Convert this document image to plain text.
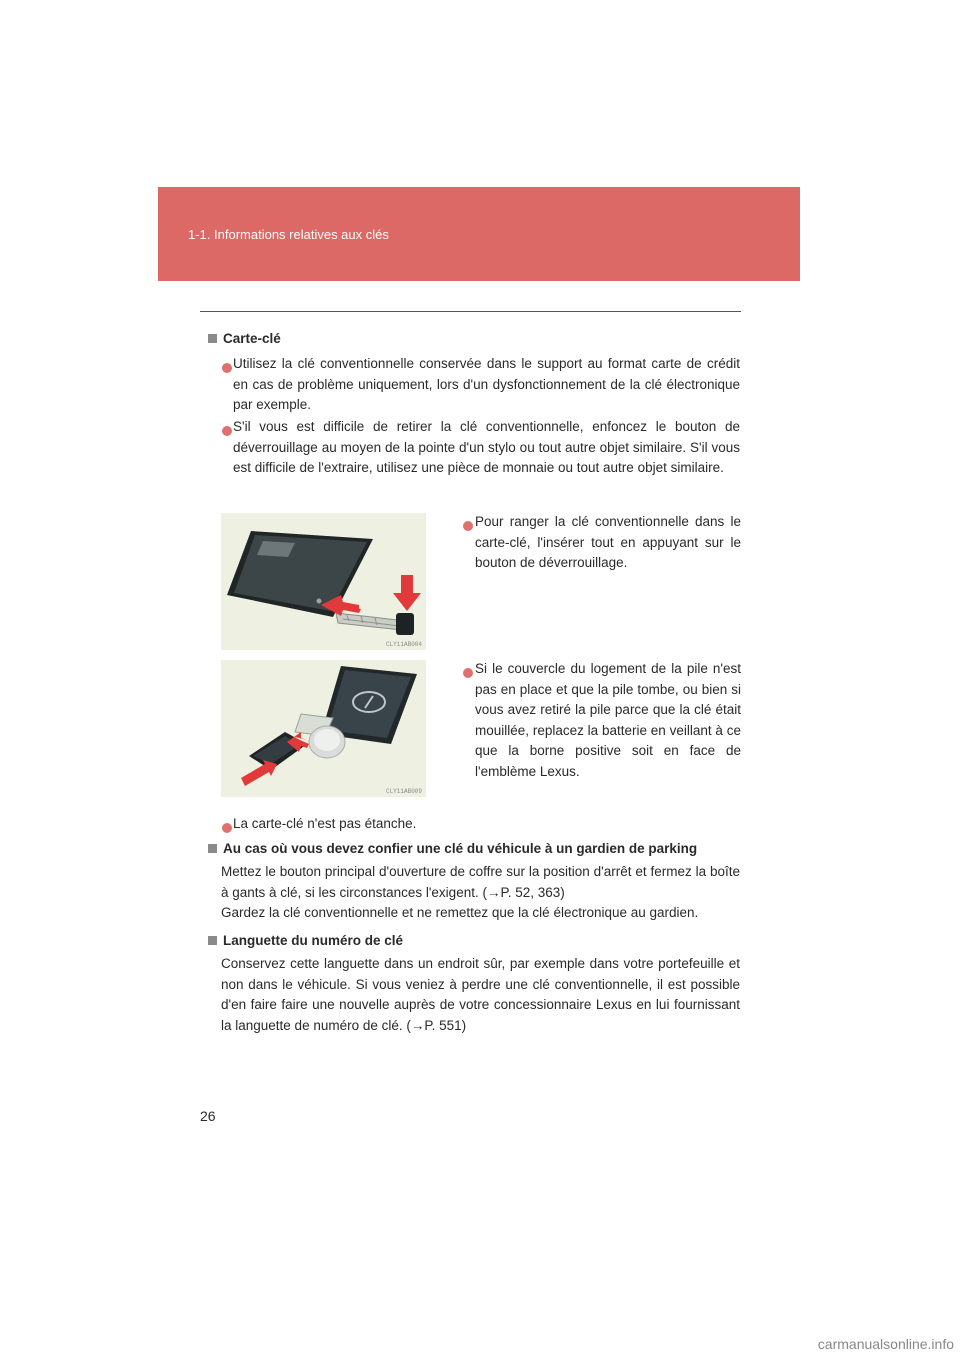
1-1. Informations relatives aux clés
Carte-clé
Utilisez la clé conventionnelle conservée dans le support au format carte de crédit en cas de problème uniquement, lors d'un dysfonctionnement de la clé électronique par exemple.
S'il vous est difficile de retirer la clé conventionnelle, enfoncez le bouton de déverrouillage au moyen de la pointe d'un stylo ou tout autre objet similaire. S'il vous est difficile de l'extraire, utilisez une pièce de monnaie ou tout autre objet similaire.
CLY11AB004
Pour ranger la clé conventionnelle dans le carte-clé, l'insérer tout en appuyant sur le bouton de déverrouillage.
CLY11AB009
Si le couvercle du logement de la pile n'est pas en place et que la pile tombe, ou bien si vous avez retiré la pile parce que la clé était mouillée, replacez la batterie en veillant à ce que la borne positive soit en face de l'emblème Lexus.
La carte-clé n'est pas étanche.
Au cas où vous devez confier une clé du véhicule à un gardien de parking
Mettez le bouton principal d'ouverture de coffre sur la position d'arrêt et fermez la boîte à gants à clé, si les circonstances l'exigent. (→P. 52, 363)
Gardez la clé conventionnelle et ne remettez que la clé électronique au gardien.
Languette du numéro de clé
Conservez cette languette dans un endroit sûr, par exemple dans votre portefeuille et non dans le véhicule. Si vous veniez à perdre une clé conventionnelle, il est possible d'en faire faire une nouvelle auprès de votre concessionnaire Lexus en lui fournissant la languette de numéro de clé. (→P. 551)
26
carmanualsonline.info
